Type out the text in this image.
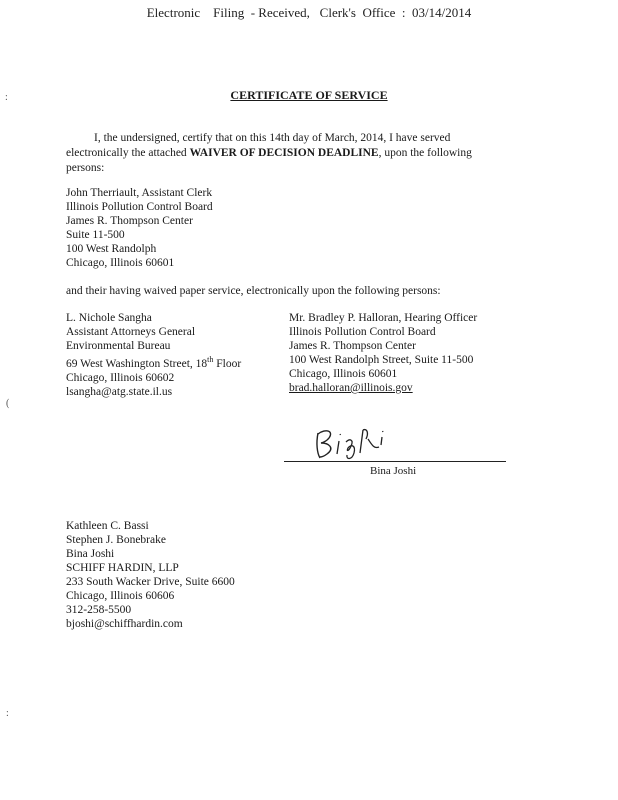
Electronic    Filing  - Received,   Clerk's  Office  :  03/14/2014
:
(
:
CERTIFICATE OF SERVICE
I, the undersigned, certify that on this 14th day of March, 2014, I have served electronically the attached WAIVER OF DECISION DEADLINE, upon the following persons:
John Therriault, Assistant Clerk
Illinois Pollution Control Board
James R. Thompson Center
Suite 11-500
100 West Randolph
Chicago, Illinois 60601
and their having waived paper service, electronically upon the following persons:
L. Nichole Sangha
Assistant Attorneys General
Environmental Bureau
69 West Washington Street, 18th Floor
Chicago, Illinois 60602
lsangha@atg.state.il.us
Mr. Bradley P. Halloran, Hearing Officer
Illinois Pollution Control Board
James R. Thompson Center
100 West Randolph Street, Suite 11-500
Chicago, Illinois 60601
brad.halloran@illinois.gov
Bina Joshi
Kathleen C. Bassi
Stephen J. Bonebrake
Bina Joshi
SCHIFF HARDIN, LLP
233 South Wacker Drive, Suite 6600
Chicago, Illinois 60606
312-258-5500
bjoshi@schiffhardin.com
